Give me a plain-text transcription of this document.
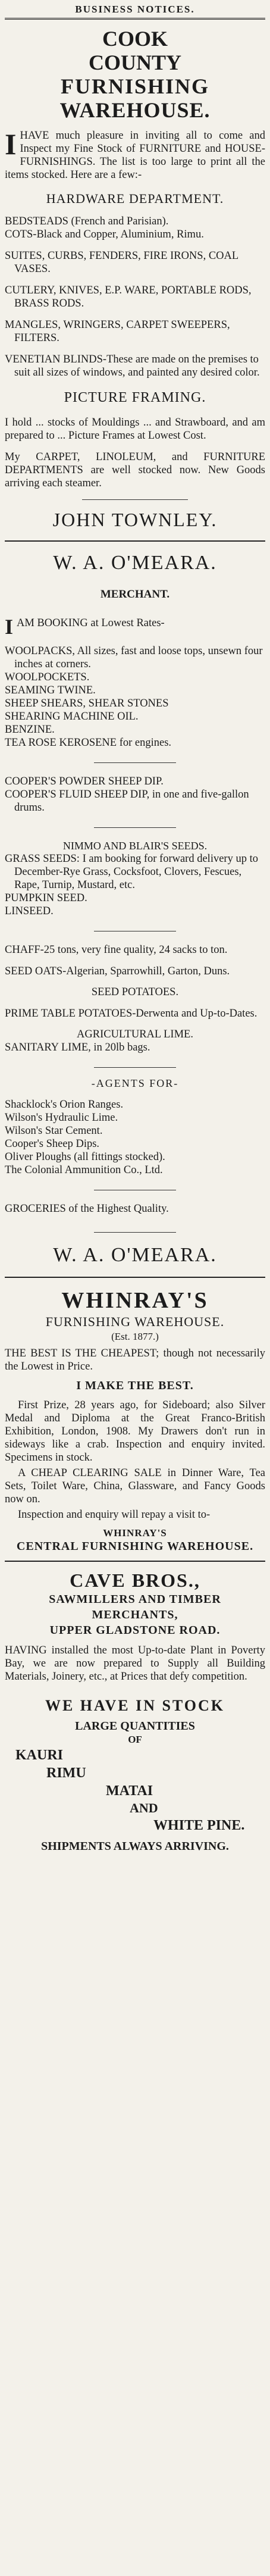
BUSINESS NOTICES.
COOK
COUNTY
FURNISHING
WAREHOUSE.

I HAVE much pleasure in inviting all to come and Inspect my Fine Stock of FURNITURE and HOUSE-FURNISHINGS. The list is too large to print all the items stocked. Here are a few:-

HARDWARE DEPARTMENT.

BEDSTEADS (French and Parisian).

COTS-Black and Copper, Aluminium, Rimu.

SUITES, CURBS, FENDERS, FIRE IRONS, COAL VASES.

CUTLERY, KNIVES, E.P. WARE, PORTABLE RODS, BRASS RODS.

MANGLES, WRINGERS, CARPET SWEEPERS, FILTERS.

VENETIAN BLINDS-These are made on the premises to suit all sizes of windows, and painted any desired color.

PICTURE FRAMING.

I hold ... stocks of Mouldings ... and Strawboard, and am prepared to ... Picture Frames at Lowest Cost.

My CARPET, LINOLEUM, and FURNITURE DEPARTMENTS are well stocked now. New Goods arriving each steamer.

JOHN TOWNLEY.
W. A. O'MEARA.
MERCHANT.

I AM BOOKING at Lowest Rates-

WOOLPACKS, All sizes, fast and loose tops, unsewn four inches at corners.

WOOLPOCKETS.

SEAMING TWINE.

SHEEP SHEARS, SHEAR STONES

SHEARING MACHINE OIL.

BENZINE.

TEA ROSE KEROSENE for engines.

COOPER'S POWDER SHEEP DIP.

COOPER'S FLUID SHEEP DIP, in one and five-gallon drums.

NIMMO AND BLAIR'S SEEDS.

GRASS SEEDS: I am booking for forward delivery up to December-Rye Grass, Cocksfoot, Clovers, Fescues, Rape, Turnip, Mustard, etc.

PUMPKIN SEED.

LINSEED.

CHAFF-25 tons, very fine quality, 24 sacks to ton.

SEED OATS-Algerian, Sparrowhill, Garton, Duns.

SEED POTATOES.

PRIME TABLE POTATOES-Derwenta and Up-to-Dates.

AGRICULTURAL LIME.

SANITARY LIME, in 20lb bags.

-AGENTS FOR-

Shacklock's Orion Ranges.

Wilson's Hydraulic Lime.

Wilson's Star Cement.

Cooper's Sheep Dips.

Oliver Ploughs (all fittings stocked).

The Colonial Ammunition Co., Ltd.

GROCERIES of the Highest Quality.

W. A. O'MEARA.
WHINRAY'S
FURNISHING WAREHOUSE.
(Est. 1877.)

THE BEST IS THE CHEAPEST; though not necessarily the Lowest in Price.

I MAKE THE BEST.

First Prize, 28 years ago, for Sideboard; also Silver Medal and Diploma at the Great Franco-British Exhibition, London, 1908. My Drawers don't run in sideways like a crab. Inspection and enquiry invited. Specimens in stock.

A CHEAP CLEARING SALE in Dinner Ware, Tea Sets, Toilet Ware, China, Glassware, and Fancy Goods now on.

Inspection and enquiry will repay a visit to-

WHINRAY'S
CENTRAL FURNISHING WAREHOUSE.
CAVE BROS.,
SAWMILLERS AND TIMBER
MERCHANTS,
UPPER GLADSTONE ROAD.

HAVING installed the most Up-to-date Plant in Poverty Bay, we are now prepared to Supply all Building Materials, Joinery, etc., at Prices that defy competition.

WE HAVE IN STOCK
LARGE QUANTITIES
OF
KAURI
RIMU
MATAI
AND
WHITE PINE.
SHIPMENTS ALWAYS ARRIVING.
